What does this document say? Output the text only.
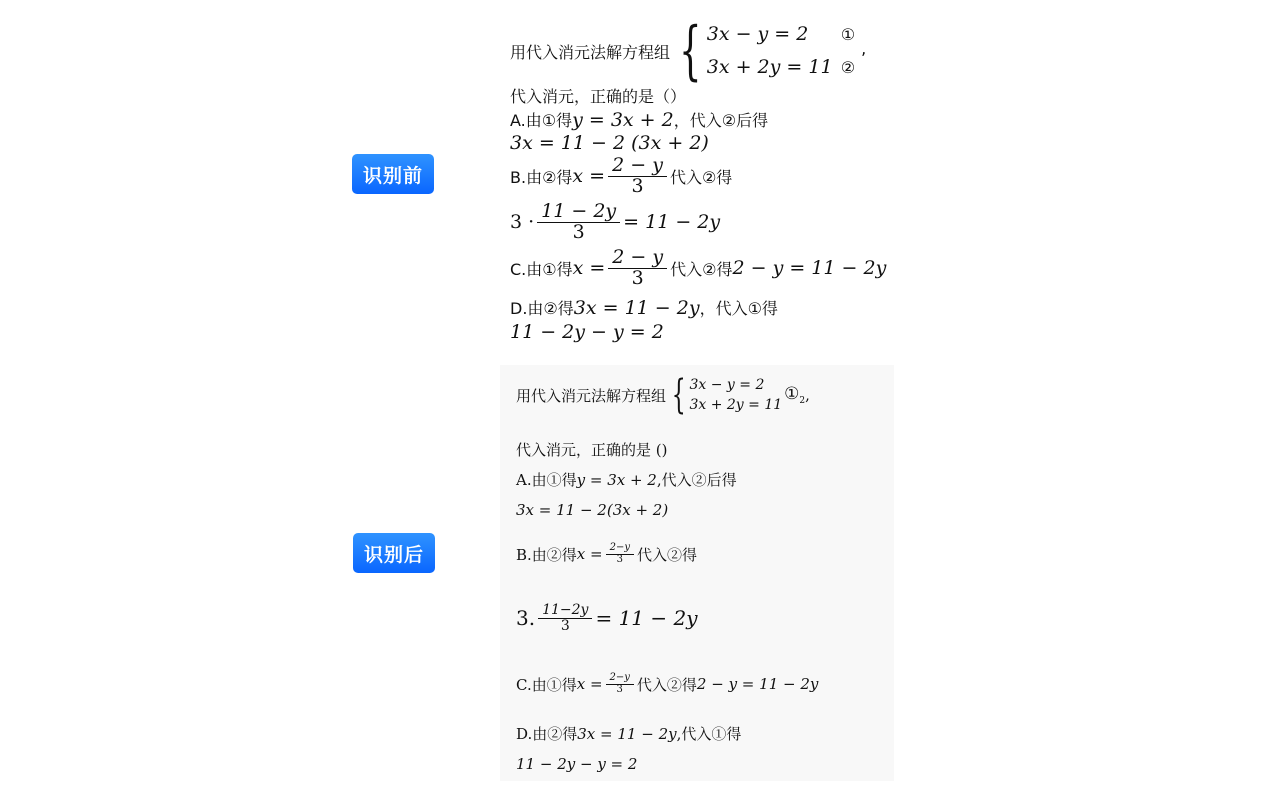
识别前
识别后
用代入消元法解方程组 { 3x − y = 2 ①
3x + 2y = 11 ②
,
代入消元，正确的是（）
A.由①得y = 3x + 2，代入②后得
3x = 11 − 2 (3x + 2)
B.由②得 $x = \frac{2 - y}{3}$ 代入②得
$3 \cdot \frac{11 - 2y}{3} = 11 - 2y$
C.由①得 $x = \frac{2 - y}{3}$ 代入②得 2 − y = 11 − 2y
D.由②得3x = 11 − 2y，代入①得
11 − 2y − y = 2
用代入消元法解方程组 { 3x − y = 2
3x + 2y = 11
$①_2$ ,
代入消元，正确的是 ()
A.由①得y = 3x + 2,代入②后得
3x = 11 − 2(3x + 2)
B.由②得 $x = \frac{2-y}{3}$ 代入②得
3. $\frac{11-2y}{3} = 11 - 2y$
C.由①得 $x = \frac{2-y}{3}$ 代入②得 2 − y = 11 − 2y
D.由②得3x = 11 − 2y,代入①得
11 − 2y − y = 2
